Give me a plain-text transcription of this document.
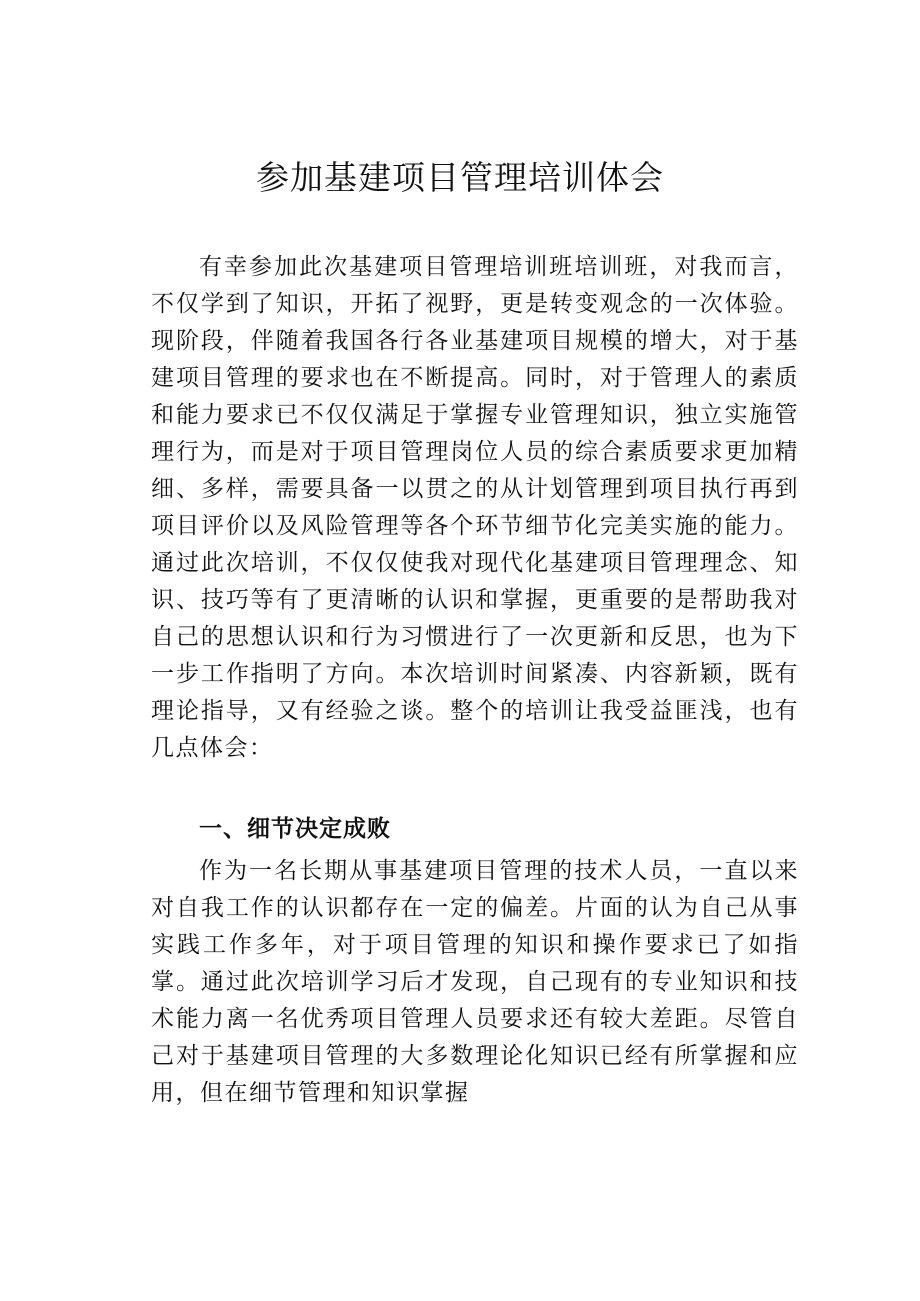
参加基建项目管理培训体会

有幸参加此次基建项目管理培训班培训班，对我而言，不仅学到了知识，开拓了视野，更是转变观念的一次体验。现阶段，伴随着我国各行各业基建项目规模的增大，对于基建项目管理的要求也在不断提高。同时，对于管理人的素质和能力要求已不仅仅满足于掌握专业管理知识，独立实施管理行为，而是对于项目管理岗位人员的综合素质要求更加精细、多样，需要具备一以贯之的从计划管理到项目执行再到项目评价以及风险管理等各个环节细节化完美实施的能力。通过此次培训，不仅仅使我对现代化基建项目管理理念、知识、技巧等有了更清晰的认识和掌握，更重要的是帮助我对自己的思想认识和行为习惯进行了一次更新和反思，也为下一步工作指明了方向。本次培训时间紧凑、内容新颖，既有理论指导，又有经验之谈。整个的培训让我受益匪浅，也有几点体会：

一、细节决定成败

作为一名长期从事基建项目管理的技术人员，一直以来对自我工作的认识都存在一定的偏差。片面的认为自己从事实践工作多年，对于项目管理的知识和操作要求已了如指掌。通过此次培训学习后才发现，自己现有的专业知识和技术能力离一名优秀项目管理人员要求还有较大差距。尽管自己对于基建项目管理的大多数理论化知识已经有所掌握和应用，但在细节管理和知识掌握
